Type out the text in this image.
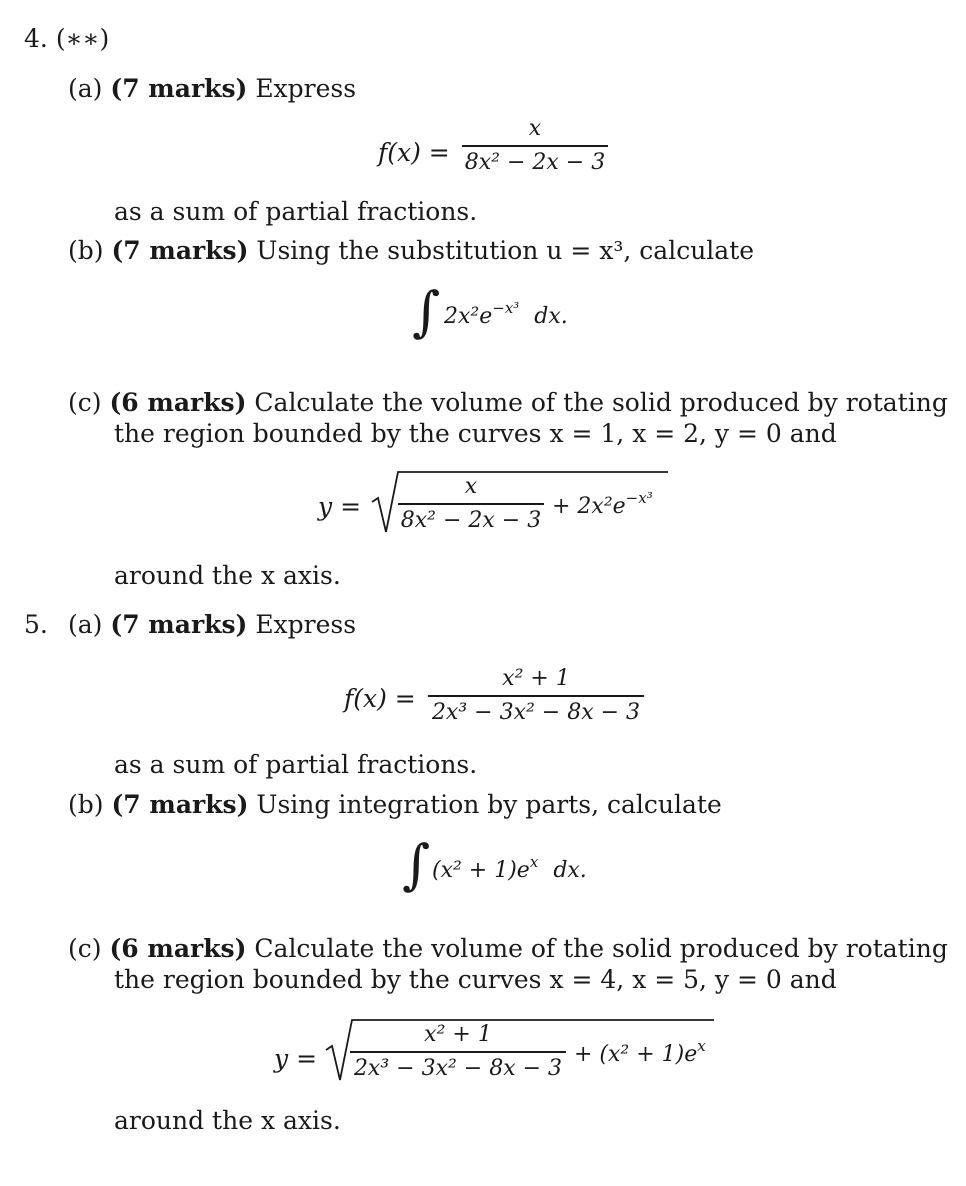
4. (∗∗)
(a) (7 marks) Express
f(x) =
x
8x² − 2x − 3
as a sum of partial fractions.
(b) (7 marks) Using the substitution u = x³, calculate
∫ $2x^2e^{-x^3}$ dx.
(c) (6 marks) Calculate the volume of the solid produced by rotating
the region bounded by the curves x = 1, x = 2, y = 0 and
y =
x
8x² − 2x − 3
+ $2x^2e^{-x^3}$
around the x axis.
5. (a) (7 marks) Express
f(x) =
x² + 1
2x³ − 3x² − 8x − 3
as a sum of partial fractions.
(b) (7 marks) Using integration by parts, calculate
∫ $(x^2 + 1)e^x$ dx.
(c) (6 marks) Calculate the volume of the solid produced by rotating
the region bounded by the curves x = 4, x = 5, y = 0 and
y =
x² + 1
2x³ − 3x² − 8x − 3
+ $(x^2 + 1)e^x$
around the x axis.
